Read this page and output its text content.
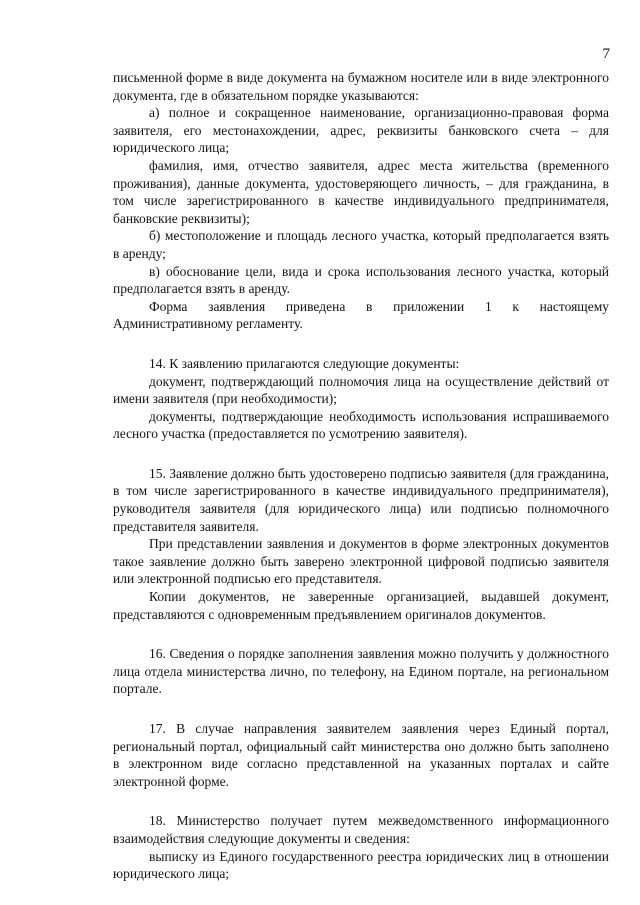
7

письменной форме в виде документа на бумажном носителе или в виде электронного документа, где в обязательном порядке указываются:

а) полное и сокращенное наименование, организационно-правовая форма заявителя, его местонахождении, адрес, реквизиты банковского счета – для юридического лица;

фамилия, имя, отчество заявителя, адрес места жительства (временного проживания), данные документа, удостоверяющего личность, – для гражданина, в том числе зарегистрированного в качестве индивидуального предпринимателя, банковские реквизиты);

б) местоположение и площадь лесного участка, который предполагается взять в аренду;

в) обоснование цели, вида и срока использования лесного участка, который предполагается взять в аренду.

Форма заявления приведена в приложении 1 к настоящему Административному регламенту.

14. К заявлению прилагаются следующие документы:

документ, подтверждающий полномочия лица на осуществление действий от имени заявителя (при необходимости);

документы, подтверждающие необходимость использования испрашиваемого лесного участка (предоставляется по усмотрению заявителя).

15. Заявление должно быть удостоверено подписью заявителя (для гражданина, в том числе зарегистрированного в качестве индивидуального предпринимателя), руководителя заявителя (для юридического лица) или подписью полномочного представителя заявителя.

При представлении заявления и документов в форме электронных документов такое заявление должно быть заверено электронной цифровой подписью заявителя или электронной подписью его представителя.

Копии документов, не заверенные организацией, выдавшей документ, представляются с одновременным предъявлением оригиналов документов.

16. Сведения о порядке заполнения заявления можно получить у должностного лица отдела министерства лично, по телефону, на Едином портале, на региональном портале.

17. В случае направления заявителем заявления через Единый портал, региональный портал, официальный сайт министерства оно должно быть заполнено в электронном виде согласно представленной на указанных порталах и сайте электронной форме.

18. Министерство получает путем межведомственного информационного взаимодействия следующие документы и сведения:

выписку из Единого государственного реестра юридических лиц в отношении юридического лица;
